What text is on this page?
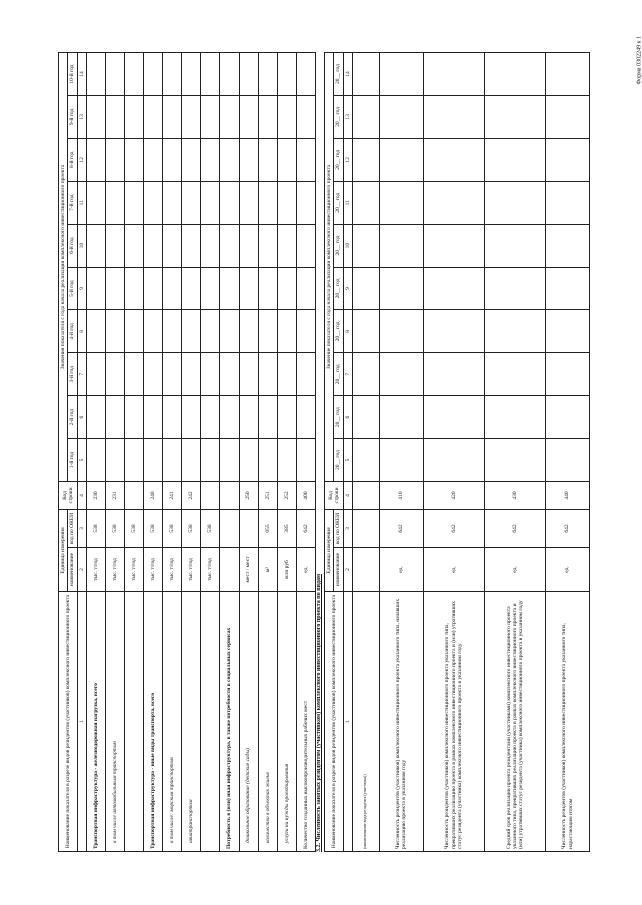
Форма 0302249 к 1
Наименование показателя в разрезе видов резидентов (участников) комплексного инвестиционного проекта	Единица измерения		Код строки	Значения показателя с года начала реализации комплексного инвестиционного проекта									
	наименование	код по ОКЕИ		1-й год	2-й год	3-й год	4-й год	5-й год	6-й год	7-й год	8-й год	9-й год	10-й год
1	2	3	4	5	6	7	8	9	10	11	12	13	14
Транспортная инфраструктура - железнодорожная нагрузка, всего	тыс. т/год	538	230										
в том числе автомобильным транспортом	тыс. т/год	538	231										
	тыс. т/год	538											
Транспортная инфраструктура - иные виды транспорта, всего	тыс. т/год	538	240										
в том числе: морским транспортом	тыс. т/год	538	241										
авиатранспортом	тыс. т/год	538	242										
	тыс. т/год	538											
Потребность в (или) иная инфраструктура, в также потребности в социальных сервисах													
дошкольное образование (детские сады)	мест / мест		250										
количество в объектах жилья	м²	055	251										
услуги на нужды проектирования	млн руб	385	252										
Количество созданных высокопроизводительных рабочих мест	ед.	642	400										
3.2. Численность занятых резидентом (участником) комплексного инвестиционного проекта по видам Наименование показателя в разрезе видов резидентов (участников) комплексного инвестиционного проекта	Единица измерения		Код строки	Значение показателя с года начала реализации комплексного инвестиционного проекта									
	наименование	код по ОКЕИ		20__ год	20__ год	20__ год	20__ год	20__ год	20__ год	20__ год	20__ год	20__ год	20__ год
1	2	3	4	5	6	7	8	9	10	11	12	13	14

(наименование вида резидента (участника))													

Численность резидентов (участников) комплексного инвестиционного проекта указанного типа, начавших реализацию проекта в указанном году	ед.	642	410										
Численность резидентов (участников) комплексного инвестиционного проекта указанного типа, прекративших реализацию проекта в рамках комплексного инвестиционного проекта и (или) утративших статус резидента (участника) комплексного инвестиционного проекта в указанном году	ед.	642	420										
Средний срок реализации проекта резидентами (участниками) комплексного инвестиционного проекта указанного типа, прекративших реализацию проекта в рамках комплексного инвестиционного проекта и (или) утративших статус резидента (участника) комплексного инвестиционного проекта в указанном году	ед.	642	430										
Численность резидентов (участников) комплексного инвестиционного проекта указанного типа, нарастающим итогом	ед.	642	440										
